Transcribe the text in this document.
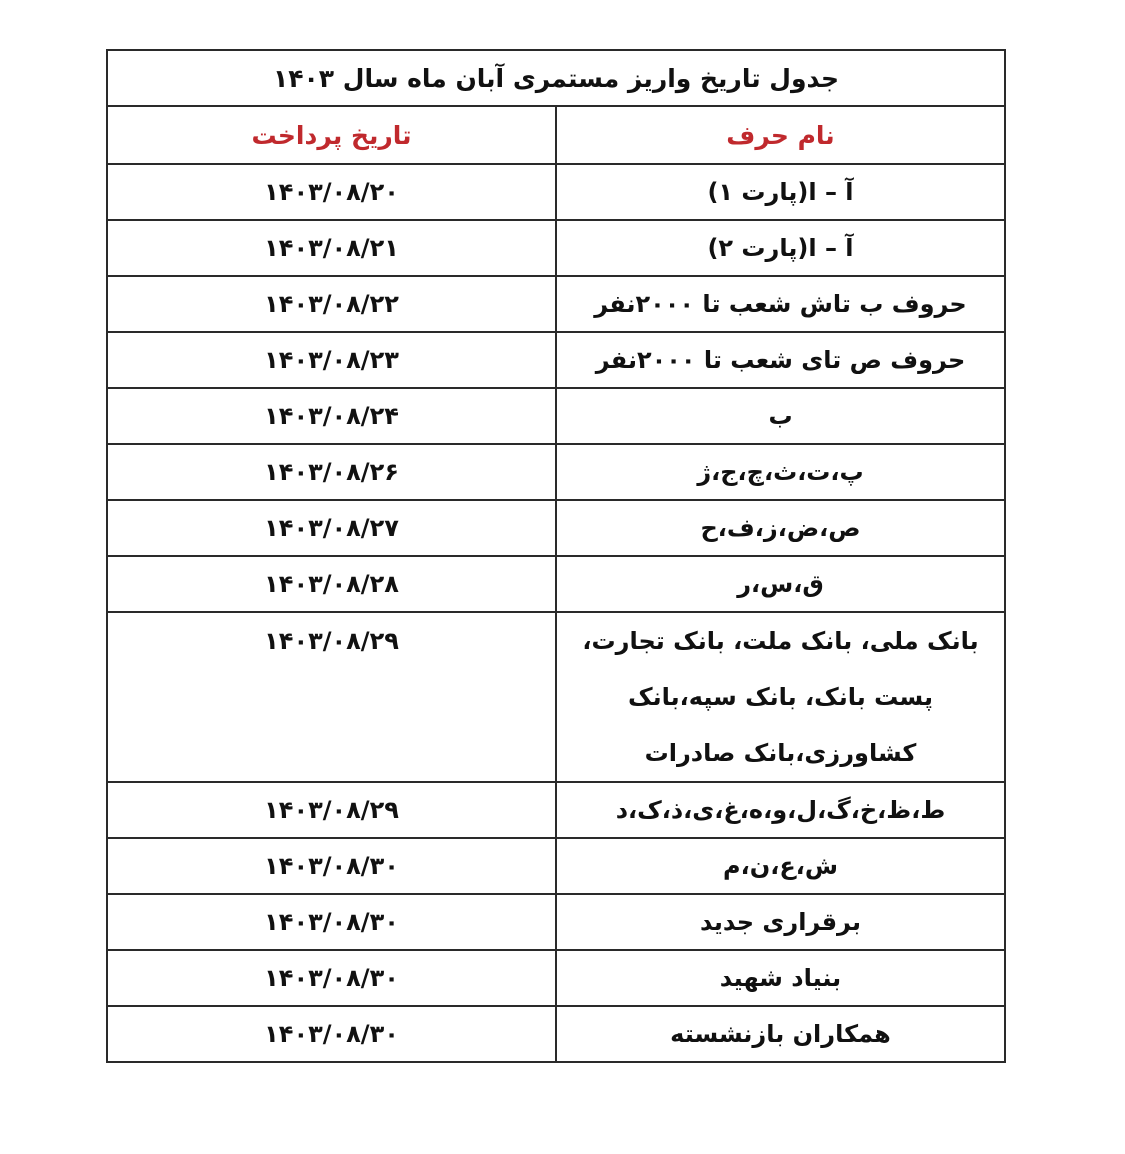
جدول تاریخ واریز مستمری آبان ماه سال ۱۴۰۳	
نام حرف	تاریخ پرداخت
آ – ا(پارت ۱)	۱۴۰۳/۰۸/۲۰
آ – ا(پارت ۲)	۱۴۰۳/۰۸/۲۱
حروف ب تاش شعب تا ۲۰۰۰نفر	۱۴۰۳/۰۸/۲۲
حروف ص تای شعب تا ۲۰۰۰نفر	۱۴۰۳/۰۸/۲۳
ب	۱۴۰۳/۰۸/۲۴
پ،ت،ث،چ،ج،ژ	۱۴۰۳/۰۸/۲۶
ص،ض،ز،ف،ح	۱۴۰۳/۰۸/۲۷
ق،س،ر	۱۴۰۳/۰۸/۲۸
بانک ملی، بانک ملت، بانک تجارت، پست بانک، بانک سپه،بانک کشاورزی،بانک صادرات	۱۴۰۳/۰۸/۲۹
ط،ظ،خ،گ،ل،و،ه،غ،ی،ذ،ک،د	۱۴۰۳/۰۸/۲۹
ش،ع،ن،م	۱۴۰۳/۰۸/۳۰
برقراری جدید	۱۴۰۳/۰۸/۳۰
بنیاد شهید	۱۴۰۳/۰۸/۳۰
همکاران بازنشسته	۱۴۰۳/۰۸/۳۰
